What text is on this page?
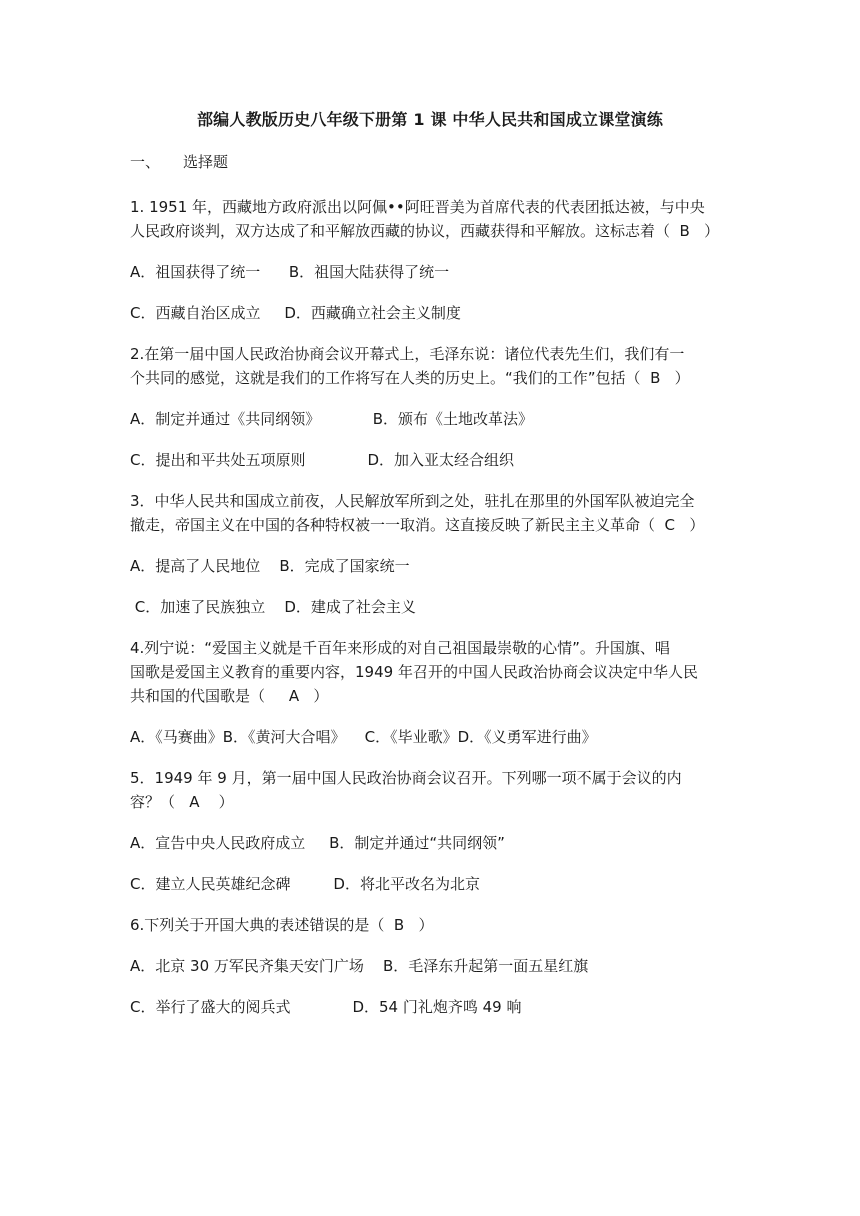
部编人教版历史八年级下册第 1 课 中华人民共和国成立课堂演练
一、 选择题
1. 1951 年，西藏地方政府派出以阿佩••阿旺晋美为首席代表的代表团抵达被，与中央
人民政府谈判，双方达成了和平解放西藏的协议，西藏获得和平解放。这标志着（  B   ）
A．祖国获得了统一      B．祖国大陆获得了统一
C．西藏自治区成立     D．西藏确立社会主义制度
2.在第一届中国人民政治协商会议开幕式上，毛泽东说：诸位代表先生们，我们有一
个共同的感觉，这就是我们的工作将写在人类的历史上。“我们的工作”包括（  B   ）
A．制定并通过《共同纲领》           B．颁布《土地改革法》
C．提出和平共处五项原则             D．加入亚太经合组织
3．中华人民共和国成立前夜，人民解放军所到之处，驻扎在那里的外国军队被迫完全
撤走，帝国主义在中国的各种特权被一一取消。这直接反映了新民主主义革命（  C   ）
A．提高了人民地位    B．完成了国家统一
C．加速了民族独立    D．建成了社会主义
4.列宁说：“爱国主义就是千百年来形成的对自己祖国最崇敬的心情”。升国旗、唱
国歌是爱国主义教育的重要内容，1949 年召开的中国人民政治协商会议决定中华人民
共和国的代国歌是（     A   ）
A．《马赛曲》B．《黄河大合唱》    C．《毕业歌》D．《义勇军进行曲》
5．1949 年 9 月，第一届中国人民政治协商会议召开。下列哪一项不属于会议的内
容？（   A    ）
A．宣告中央人民政府成立     B．制定并通过“共同纲领”
C．建立人民英雄纪念碑         D．将北平改名为北京
6.下列关于开国大典的表述错误的是（  B   ）
A．北京 30 万军民齐集天安门广场    B．毛泽东升起第一面五星红旗
C．举行了盛大的阅兵式             D．54 门礼炮齐鸣 49 响
